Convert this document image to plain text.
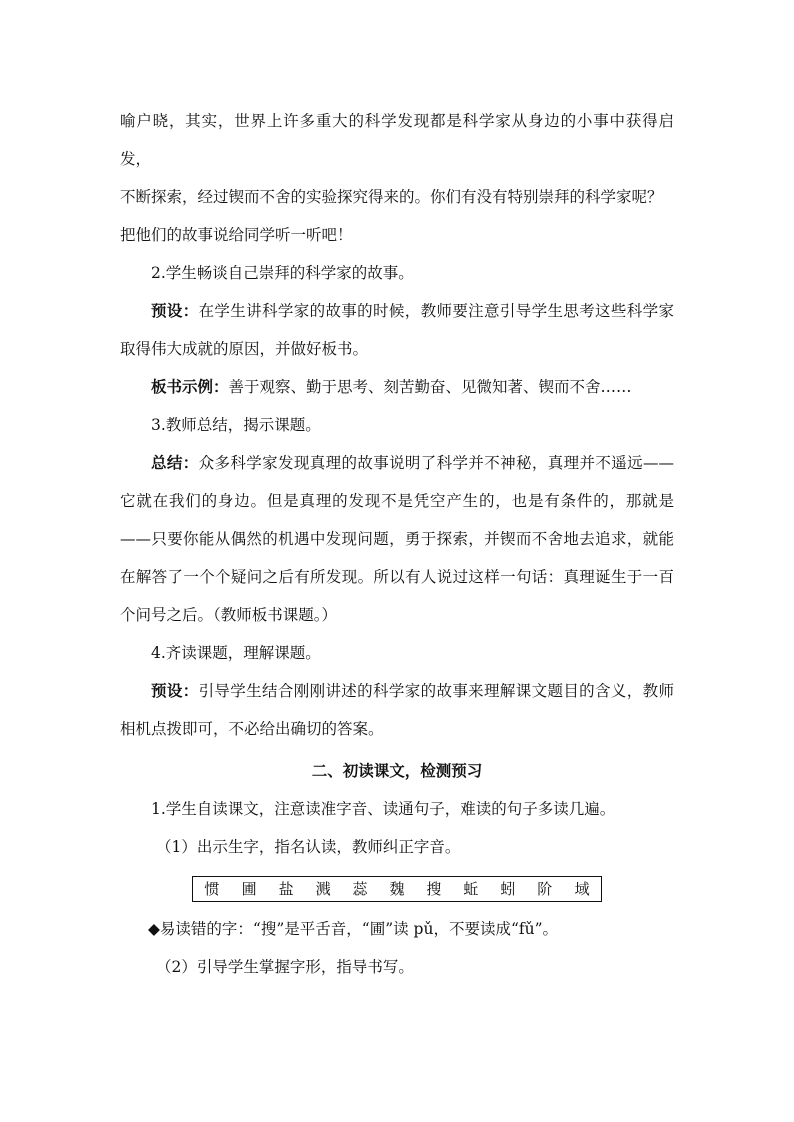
喻户晓，其实，世界上许多重大的科学发现都是科学家从身边的小事中获得启发，

不断探索，经过锲而不舍的实验探究得来的。你们有没有特别崇拜的科学家呢？

把他们的故事说给同学听一听吧！

2.学生畅谈自己崇拜的科学家的故事。

预设：在学生讲科学家的故事的时候，教师要注意引导学生思考这些科学家取得伟大成就的原因，并做好板书。

板书示例：善于观察、勤于思考、刻苦勤奋、见微知著、锲而不舍……

3.教师总结，揭示课题。

总结：众多科学家发现真理的故事说明了科学并不神秘，真理并不遥远——它就在我们的身边。但是真理的发现不是凭空产生的，也是有条件的，那就是——只要你能从偶然的机遇中发现问题，勇于探索，并锲而不舍地去追求，就能在解答了一个个疑问之后有所发现。所以有人说过这样一句话：真理诞生于一百个问号之后。（教师板书课题。）

4.齐读课题，理解课题。

预设：引导学生结合刚刚讲述的科学家的故事来理解课文题目的含义，教师相机点拨即可，不必给出确切的答案。

二、初读课文，检测预习

1.学生自读课文，注意读准字音、读通句子，难读的句子多读几遍。

（1）出示生字，指名认读，教师纠正字音。

惯	圃	盐	溅	蕊	魏	搜	蚯	蚓	阶	域

◆易读错的字：“搜”是平舌音，“圃”读 pǔ，不要读成“fǔ”。

（2）引导学生掌握字形，指导书写。
